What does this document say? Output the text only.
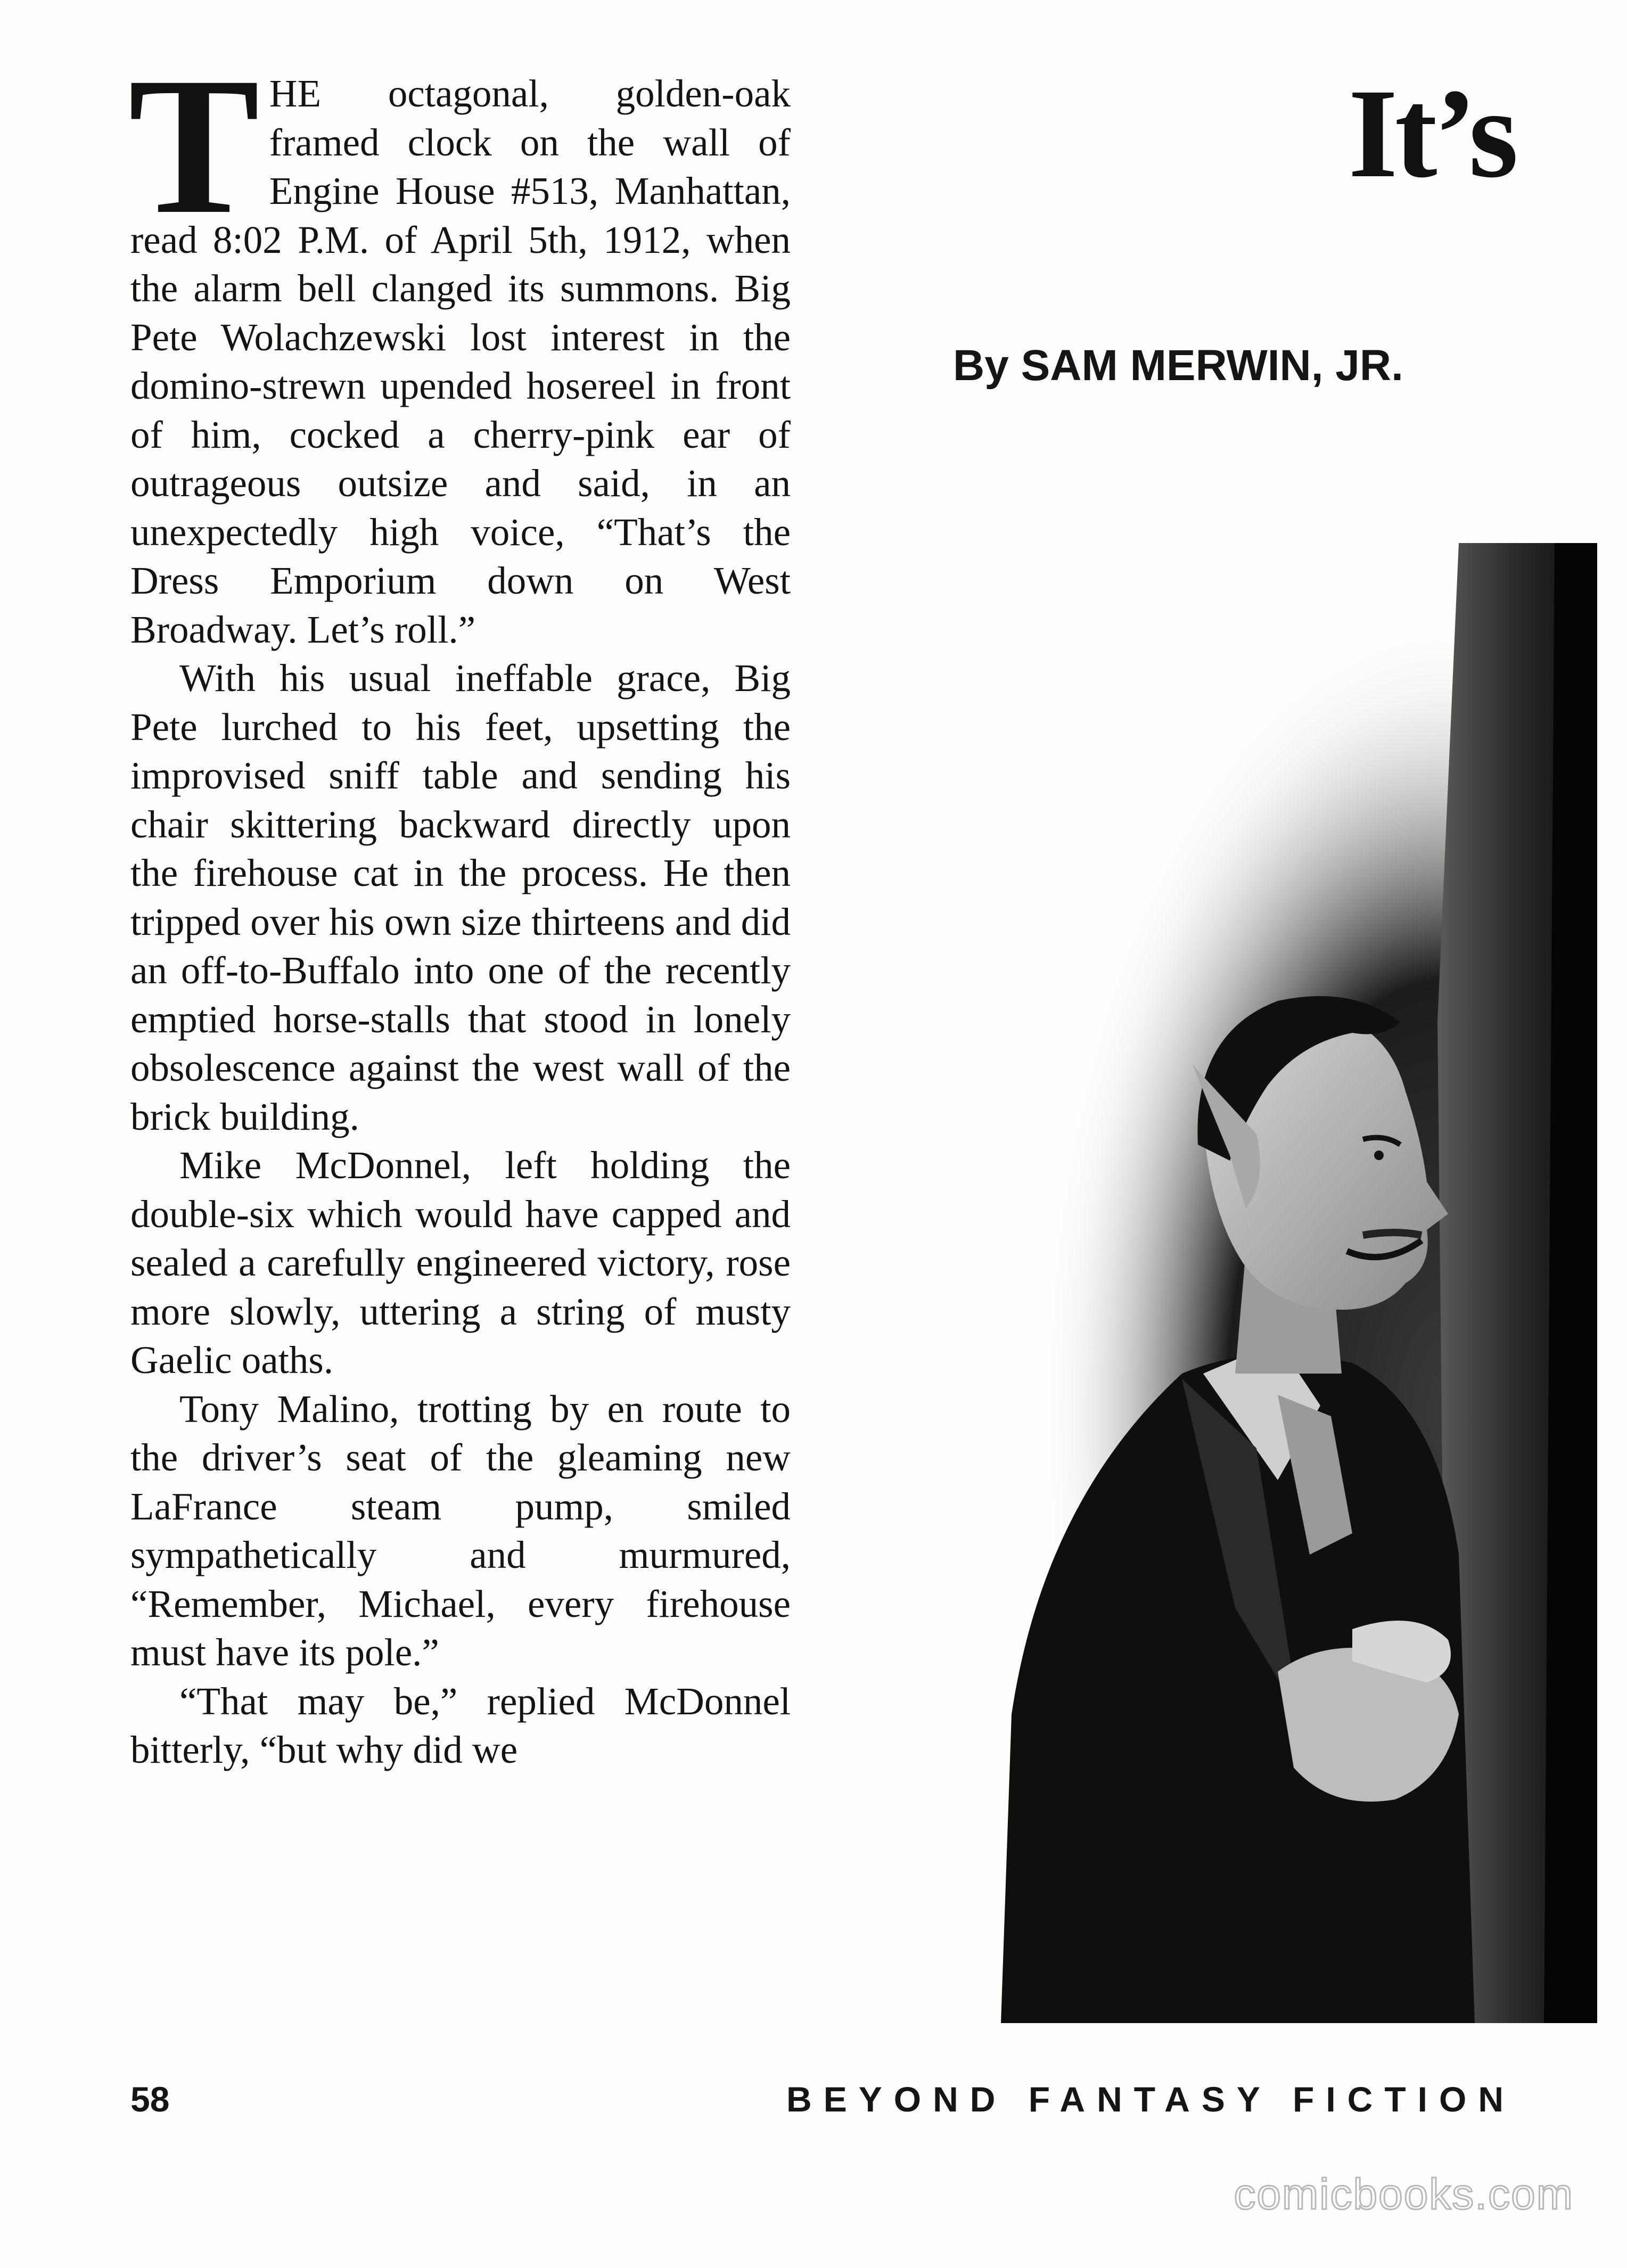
THE octagonal, golden-oak framed clock on the wall of Engine House #513, Manhattan, read 8:02 P.M. of April 5th, 1912, when the alarm bell clanged its summons. Big Pete Wolachzewski lost interest in the domino-strewn upended hosereel in front of him, cocked a cherry-pink ear of outrageous outsize and said, in an unexpectedly high voice, “That’s the Dress Emporium down on West Broadway. Let’s roll.”

With his usual ineffable grace, Big Pete lurched to his feet, upsetting the improvised sniff table and sending his chair skittering backward directly upon the firehouse cat in the process. He then tripped over his own size thirteens and did an off-to-Buffalo into one of the recently emptied horse-stalls that stood in lonely obsolescence against the west wall of the brick building.

Mike McDonnel, left holding the double-six which would have capped and sealed a carefully engineered victory, rose more slowly, uttering a string of musty Gaelic oaths.

Tony Malino, trotting by en route to the driver’s seat of the gleaming new LaFrance steam pump, smiled sympathetically and murmured, “Remember, Michael, every firehouse must have its pole.”

“That may be,” replied McDonnel bitterly, “but why did we

It’s
By SAM MERWIN, JR.
58	BEYOND FANTASY FICTION
comicbooks.com
